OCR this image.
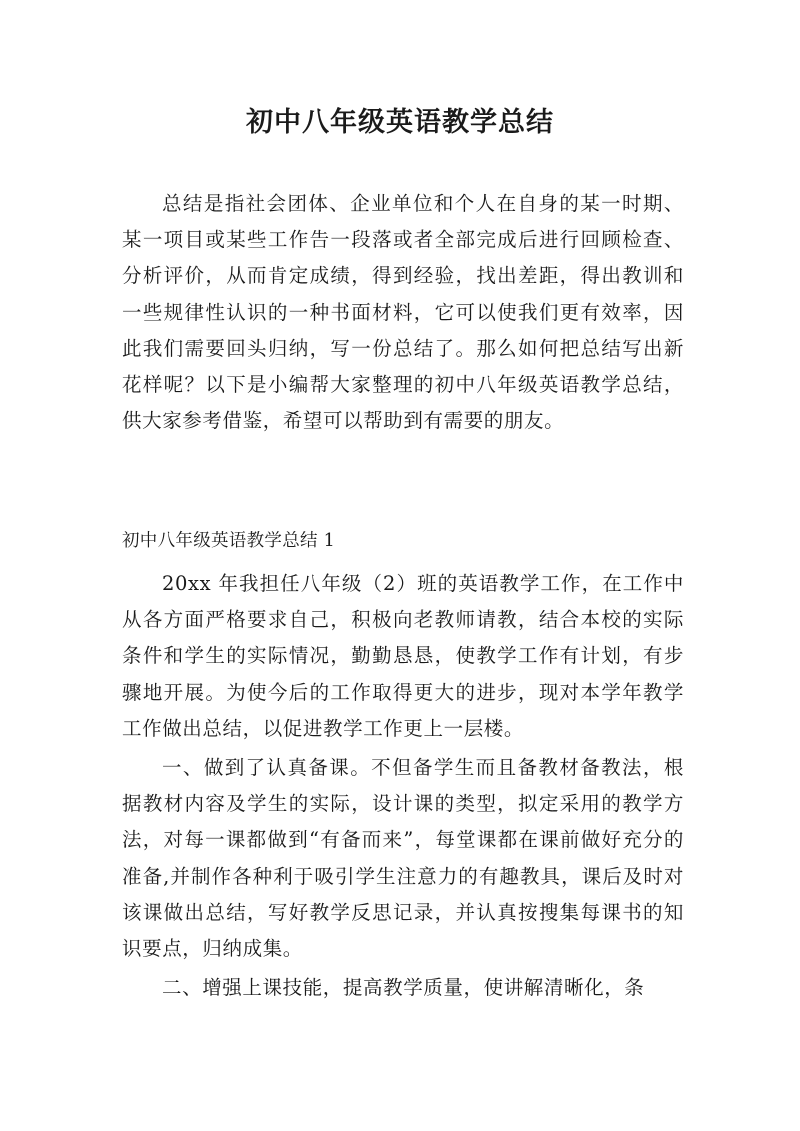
初中八年级英语教学总结

总结是指社会团体、企业单位和个人在自身的某一时期、某一项目或某些工作告一段落或者全部完成后进行回顾检查、分析评价，从而肯定成绩，得到经验，找出差距，得出教训和一些规律性认识的一种书面材料，它可以使我们更有效率，因此我们需要回头归纳，写一份总结了。那么如何把总结写出新花样呢？以下是小编帮大家整理的初中八年级英语教学总结，供大家参考借鉴，希望可以帮助到有需要的朋友。

初中八年级英语教学总结 1

20xx 年我担任八年级（2）班的英语教学工作，在工作中从各方面严格要求自己，积极向老教师请教，结合本校的实际条件和学生的实际情况，勤勤恳恳，使教学工作有计划，有步骤地开展。为使今后的工作取得更大的进步，现对本学年教学工作做出总结，以促进教学工作更上一层楼。

一、做到了认真备课。不但备学生而且备教材备教法，根据教材内容及学生的实际，设计课的类型，拟定采用的教学方法，对每一课都做到“有备而来”，每堂课都在课前做好充分的准备,并制作各种利于吸引学生注意力的有趣教具，课后及时对该课做出总结，写好教学反思记录，并认真按搜集每课书的知识要点，归纳成集。

二、增强上课技能，提高教学质量，使讲解清晰化，条
